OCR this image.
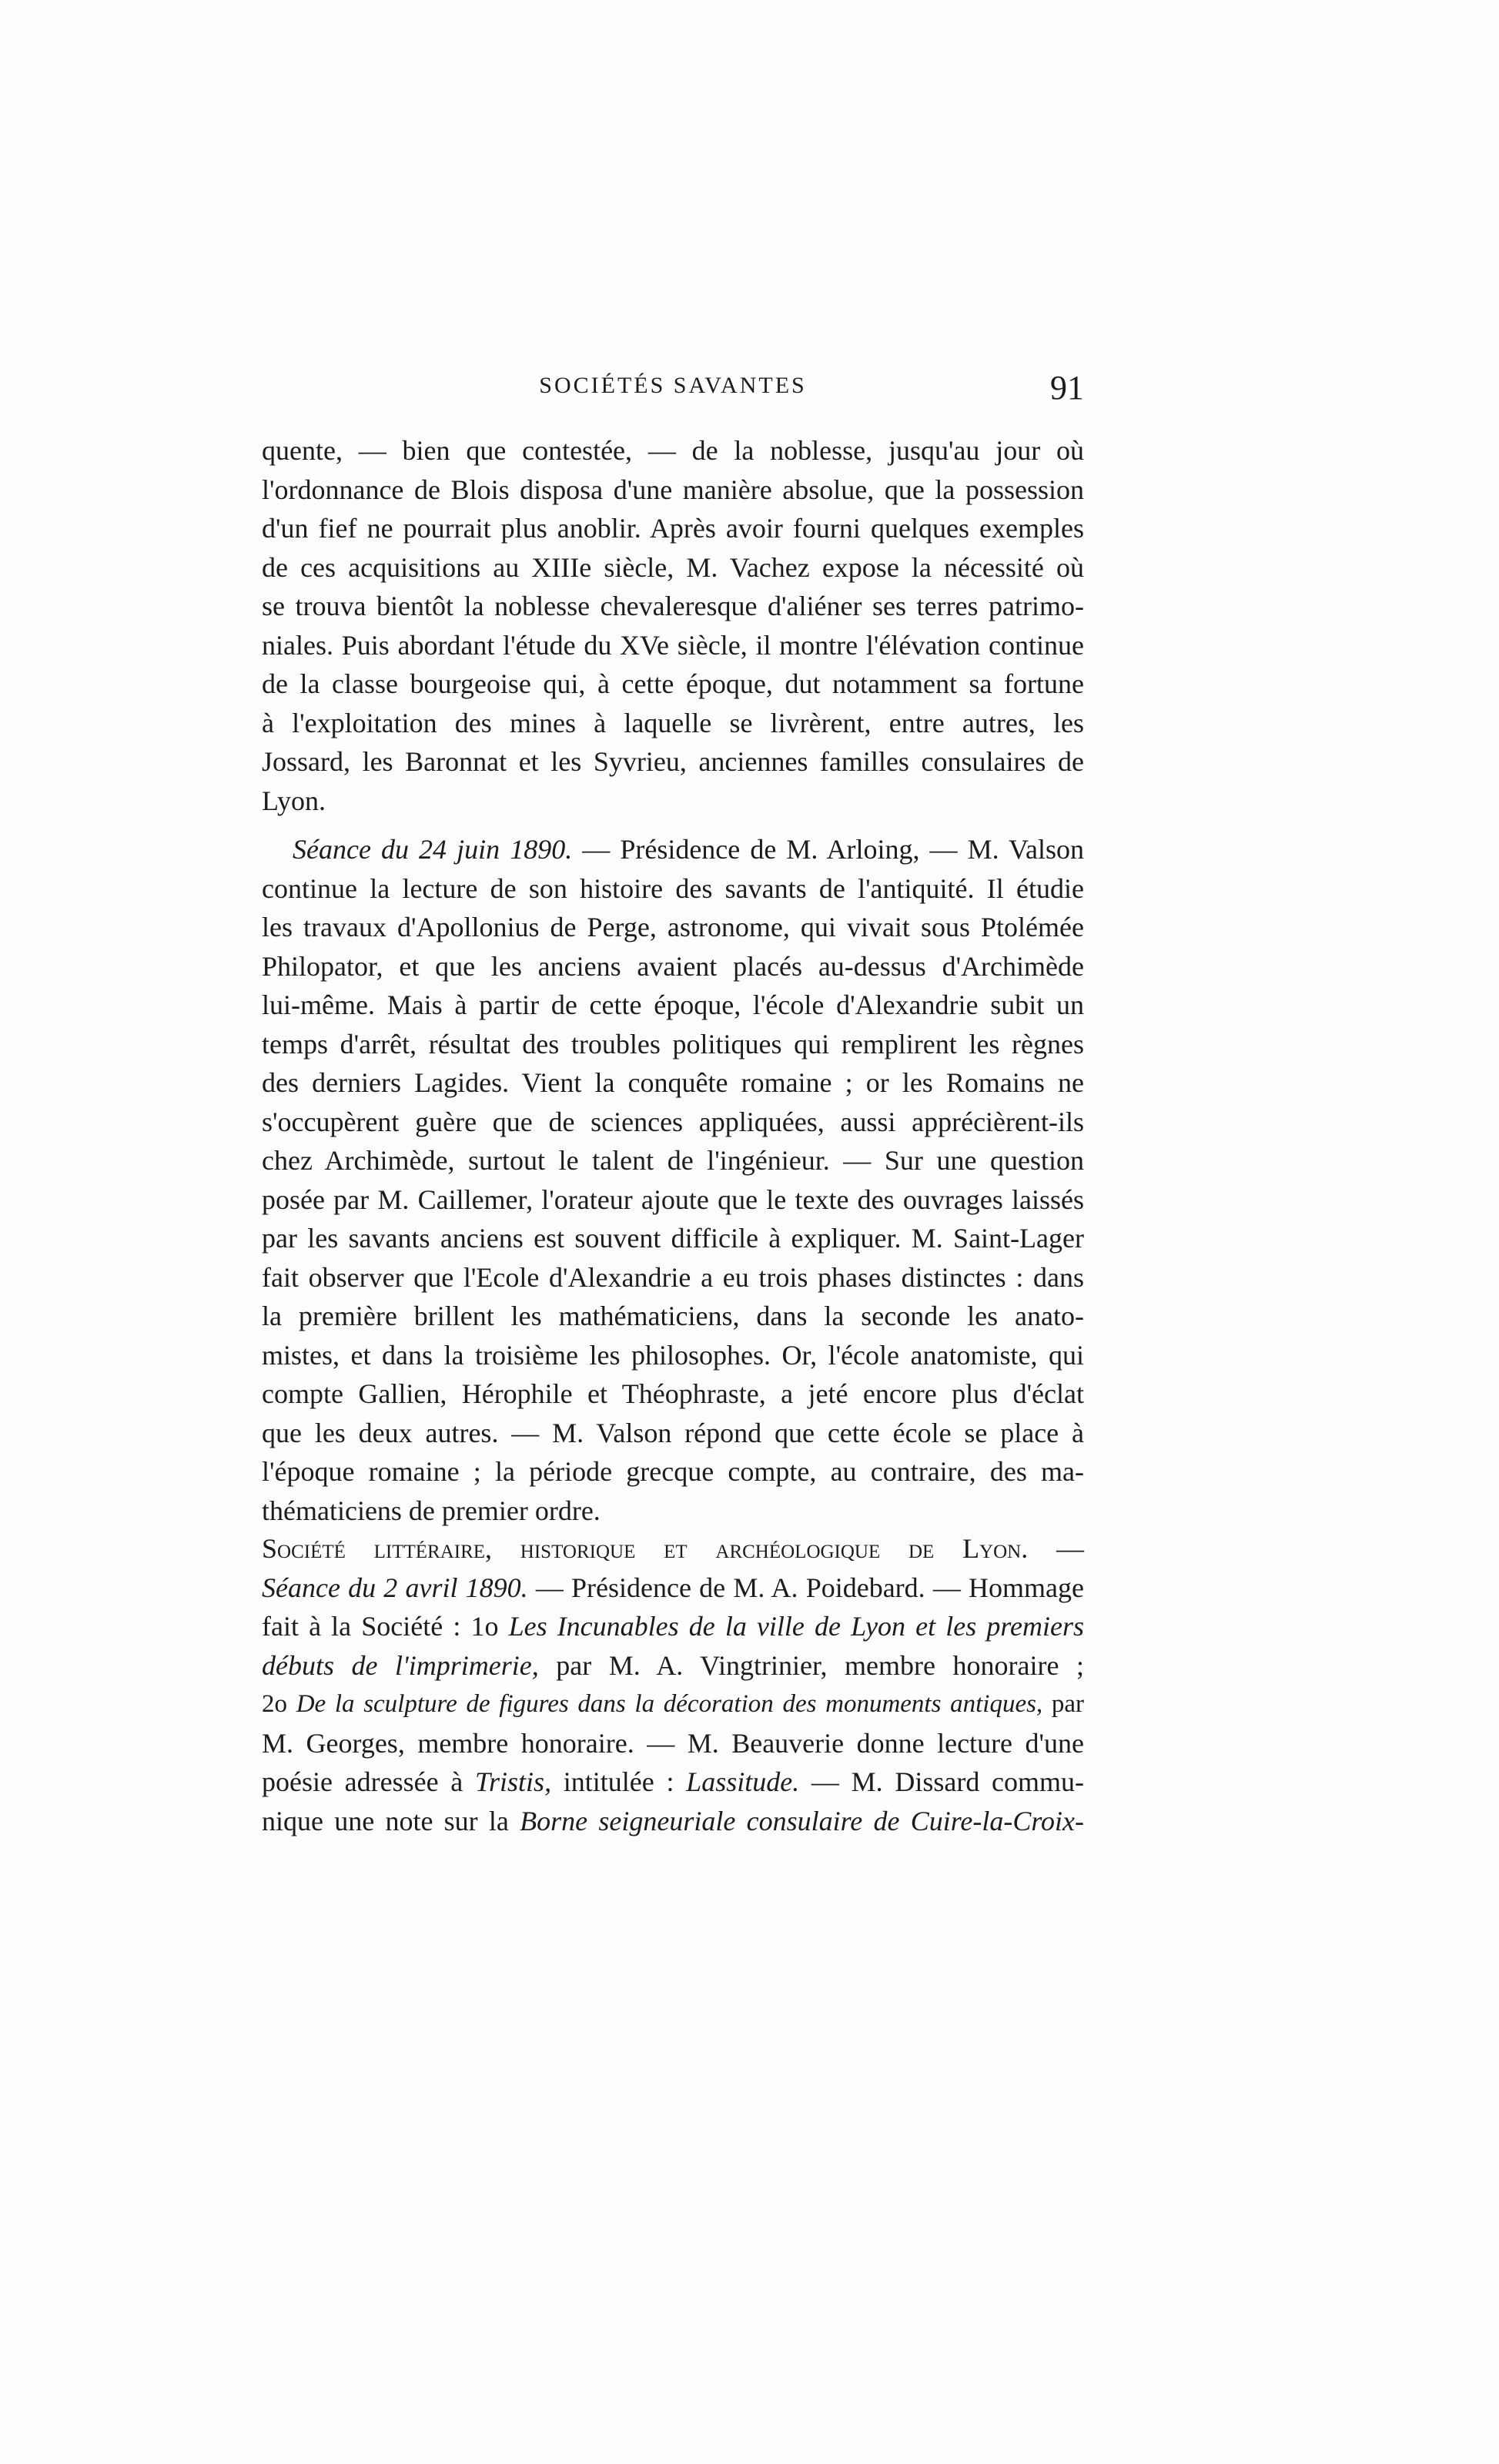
SOCIÉTÉS SAVANTES	91
quente, — bien que contestée, — de la noblesse, jusqu'au jour où
l'ordonnance de Blois disposa d'une manière absolue, que la possession
d'un fief ne pourrait plus anoblir. Après avoir fourni quelques exemples
de ces acquisitions au XIIIe siècle, M. Vachez expose la nécessité où
se trouva bientôt la noblesse chevaleresque d'aliéner ses terres patrimo-
niales. Puis abordant l'étude du XVe siècle, il montre l'élévation continue
de la classe bourgeoise qui, à cette époque, dut notamment sa fortune
à l'exploitation des mines à laquelle se livrèrent, entre autres, les
Jossard, les Baronnat et les Syvrieu, anciennes familles consulaires de
Lyon.
Séance du 24 juin 1890. — Présidence de M. Arloing, — M. Valson
continue la lecture de son histoire des savants de l'antiquité. Il étudie
les travaux d'Apollonius de Perge, astronome, qui vivait sous Ptolémée
Philopator, et que les anciens avaient placés au-dessus d'Archimède
lui-même. Mais à partir de cette époque, l'école d'Alexandrie subit un
temps d'arrêt, résultat des troubles politiques qui remplirent les règnes
des derniers Lagides. Vient la conquête romaine ; or les Romains ne
s'occupèrent guère que de sciences appliquées, aussi apprécièrent-ils
chez Archimède, surtout le talent de l'ingénieur. — Sur une question
posée par M. Caillemer, l'orateur ajoute que le texte des ouvrages laissés
par les savants anciens est souvent difficile à expliquer. M. Saint-Lager
fait observer que l'Ecole d'Alexandrie a eu trois phases distinctes : dans
la première brillent les mathématiciens, dans la seconde les anato-
mistes, et dans la troisième les philosophes. Or, l'école anatomiste, qui
compte Gallien, Hérophile et Théophraste, a jeté encore plus d'éclat
que les deux autres. — M. Valson répond que cette école se place à
l'époque romaine ; la période grecque compte, au contraire, des ma-
thématiciens de premier ordre.
Société littéraire, historique et archéologique de Lyon. —
Séance du 2 avril 1890. — Présidence de M. A. Poidebard. — Hommage
fait à la Société : 1o Les Incunables de la ville de Lyon et les premiers
débuts de l'imprimerie, par M. A. Vingtrinier, membre honoraire ;
2o De la sculpture de figures dans la décoration des monuments antiques, par
M. Georges, membre honoraire. — M. Beauverie donne lecture d'une
poésie adressée à Tristis, intitulée : Lassitude. — M. Dissard commu-
nique une note sur la Borne seigneuriale consulaire de Cuire-la-Croix-
